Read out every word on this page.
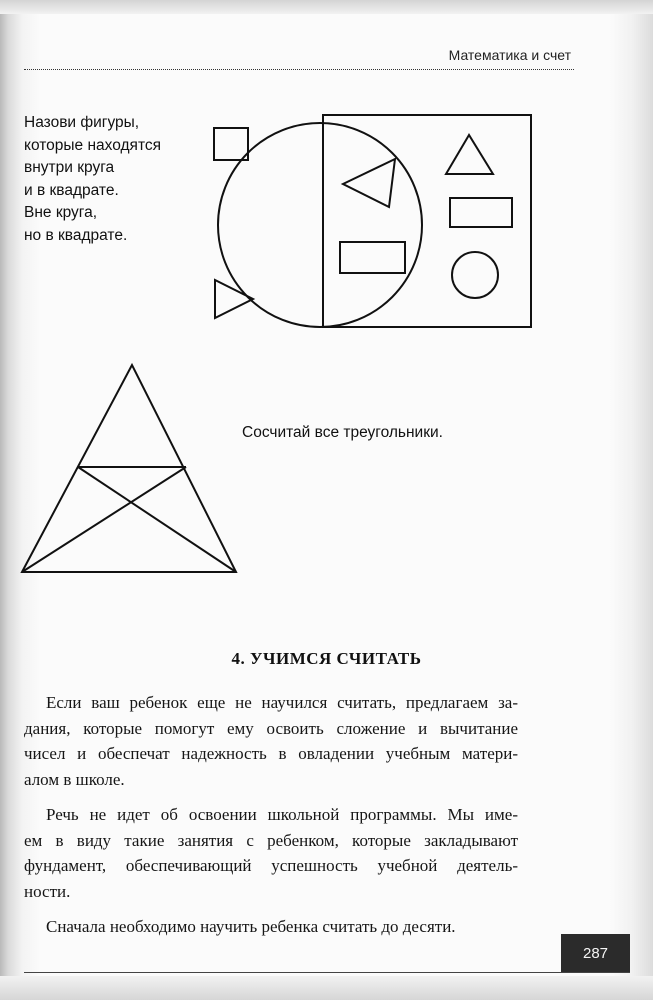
Математика и счет
Назови фигуры,
которые находятся
внутри круга
и в квадрате.
Вне круга,
но в квадрате.
Сосчитай все треугольники.
4. УЧИМСЯ СЧИТАТЬ

Если ваш ребенок еще не научился считать, предлагаем за-
дания, которые помогут ему освоить сложение и вычитание
чисел и обеспечат надежность в овладении учебным матери-
алом в школе.

Речь не идет об освоении школьной программы. Мы име-
ем в виду такие занятия с ребенком, которые закладывают
фундамент, обеспечивающий успешность учебной деятель-
ности.

Сначала необходимо научить ребенка считать до десяти.

287
